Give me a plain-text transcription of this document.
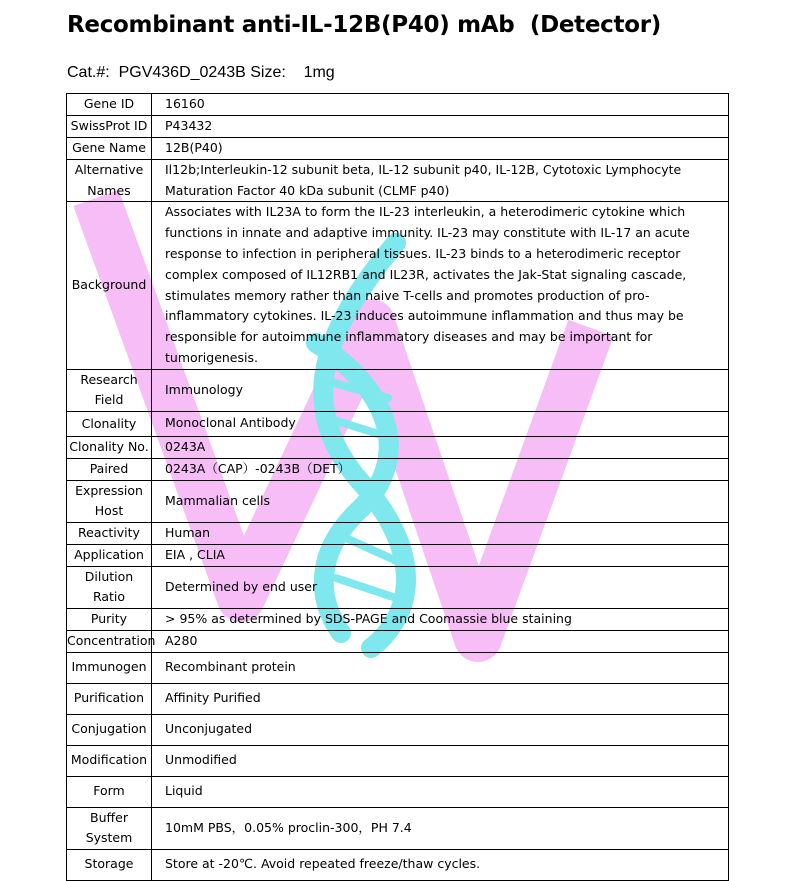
Recombinant anti-IL-12B(P40) mAb  (Detector)
Cat.#:  PGV436D_0243B Size:    1mg
Gene ID	16160
SwissProt ID	P43432
Gene Name	12B(P40)
Alternative Names	Il12b;Interleukin-12 subunit beta, IL-12 subunit p40, IL-12B, Cytotoxic Lymphocyte Maturation Factor 40 kDa subunit (CLMF p40)
Background	Associates with IL23A to form the IL-23 interleukin, a heterodimeric cytokine which functions in innate and adaptive immunity. IL-23 may constitute with IL-17 an acute response to infection in peripheral tissues. IL-23 binds to a heterodimeric receptor complex composed of IL12RB1 and IL23R, activates the Jak-Stat signaling cascade, stimulates memory rather than naive T-cells and promotes production of pro-inflammatory cytokines. IL-23 induces autoimmune inflammation and thus may be responsible for autoimmune inflammatory diseases and may be important for tumorigenesis.
Research Field	Immunology
Clonality	Monoclonal Antibody
Clonality No.	0243A
Paired	0243A（CAP）-0243B（DET）
Expression Host	Mammalian cells
Reactivity	Human
Application	EIA , CLIA
Dilution Ratio	Determined by end user
Purity	> 95% as determined by SDS-PAGE and Coomassie blue staining
Concentration	A280
Immunogen	Recombinant protein
Purification	Affinity Purified
Conjugation	Unconjugated
Modification	Unmodified
Form	Liquid
Buffer System	10mM PBS，0.05% proclin-300，PH 7.4
Storage	Store at -20℃. Avoid repeated freeze/thaw cycles.
